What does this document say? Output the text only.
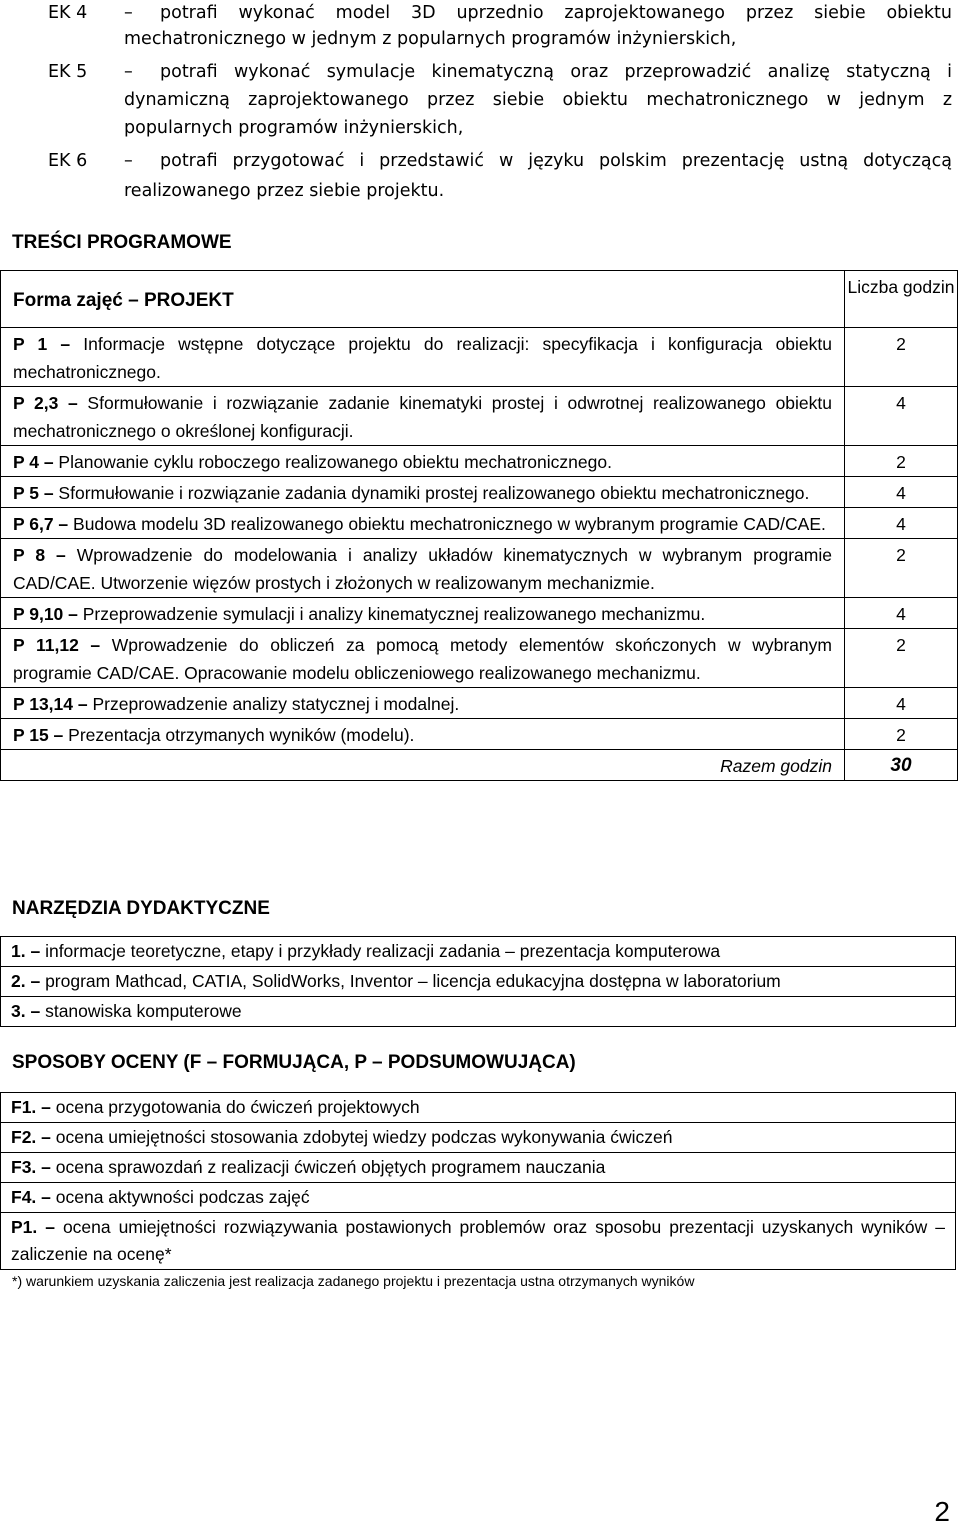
EK 4 – potrafi wykonać model 3D uprzednio zaprojektowanego przez siebie obiektu mechatronicznego w jednym z popularnych programów inżynierskich,
EK 5 – potrafi wykonać symulacje kinematyczną oraz przeprowadzić analizę statyczną i dynamiczną zaprojektowanego przez siebie obiektu mechatronicznego w jednym z popularnych programów inżynierskich,
EK 6 – potrafi przygotować i przedstawić w języku polskim prezentację ustną dotyczącą realizowanego przez siebie projektu.
TREŚCI PROGRAMOWE
Forma zajęć – PROJEKT	Liczba godzin
P 1 – Informacje wstępne dotyczące projektu do realizacji: specyfikacja i konfiguracja obiektu mechatronicznego.	2
P 2,3 – Sformułowanie i rozwiązanie zadanie kinematyki prostej i odwrotnej realizowanego obiektu mechatronicznego o określonej konfiguracji.	4
P 4 – Planowanie cyklu roboczego realizowanego obiektu mechatronicznego.	2
P 5 – Sformułowanie i rozwiązanie zadania dynamiki prostej realizowanego obiektu mechatronicznego.	4
P 6,7 – Budowa modelu 3D realizowanego obiektu mechatronicznego w wybranym programie CAD/CAE.	4
P 8 – Wprowadzenie do modelowania i analizy układów kinematycznych w wybranym programie CAD/CAE. Utworzenie więzów prostych i złożonych w realizowanym mechanizmie.	2
P 9,10 – Przeprowadzenie symulacji i analizy kinematycznej realizowanego mechanizmu.	4
P 11,12 – Wprowadzenie do obliczeń za pomocą metody elementów skończonych w wybranym programie CAD/CAE. Opracowanie modelu obliczeniowego realizowanego mechanizmu.	2
P 13,14 – Przeprowadzenie analizy statycznej i modalnej.	4
P 15 – Prezentacja otrzymanych wyników (modelu).	2
Razem godzin	30
NARZĘDZIA DYDAKTYCZNE
1. – informacje teoretyczne, etapy i przykłady realizacji zadania – prezentacja komputerowa
2. – program Mathcad, CATIA, SolidWorks, Inventor – licencja edukacyjna dostępna w laboratorium
3. – stanowiska komputerowe
SPOSOBY OCENY (F – FORMUJĄCA, P – PODSUMOWUJĄCA)
F1. – ocena przygotowania do ćwiczeń projektowych
F2. – ocena umiejętności stosowania zdobytej wiedzy podczas wykonywania ćwiczeń
F3. – ocena sprawozdań z realizacji ćwiczeń objętych programem nauczania
F4. – ocena aktywności podczas zajęć
P1. – ocena umiejętności rozwiązywania postawionych problemów oraz sposobu prezentacji uzyskanych wyników – zaliczenie na ocenę*
*) warunkiem uzyskania zaliczenia jest realizacja zadanego projektu i prezentacja ustna otrzymanych wyników
2
